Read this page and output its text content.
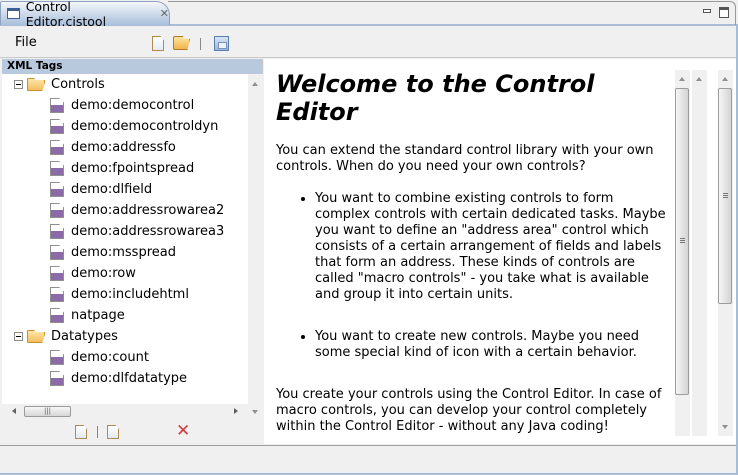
Control Editor.cistool	✕
File
XML Tags
Controls
demo:democontrol
demo:democontroldyn
demo:addressfo
demo:fpointspread
demo:dlfield
demo:addressrowarea2
demo:addressrowarea3
demo:msspread
demo:row
demo:includehtml
natpage
Datatypes
demo:count
demo:dlfdatatype
|||
✕
Welcome to the Control Editor

You can extend the standard control library with your own controls. When do you need your own controls?

• You want to combine existing controls to form complex controls with certain dedicated tasks. Maybe you want to define an "address area" control which consists of a certain arrangement of fields and labels that form an address. These kinds of controls are called "macro controls" - you take what is available and group it into certain units.
• You want to create new controls. Maybe you need some special kind of icon with a certain behavior.

You create your controls using the Control Editor. In case of macro controls, you can develop your control completely within the Control Editor - without any Java coding!
